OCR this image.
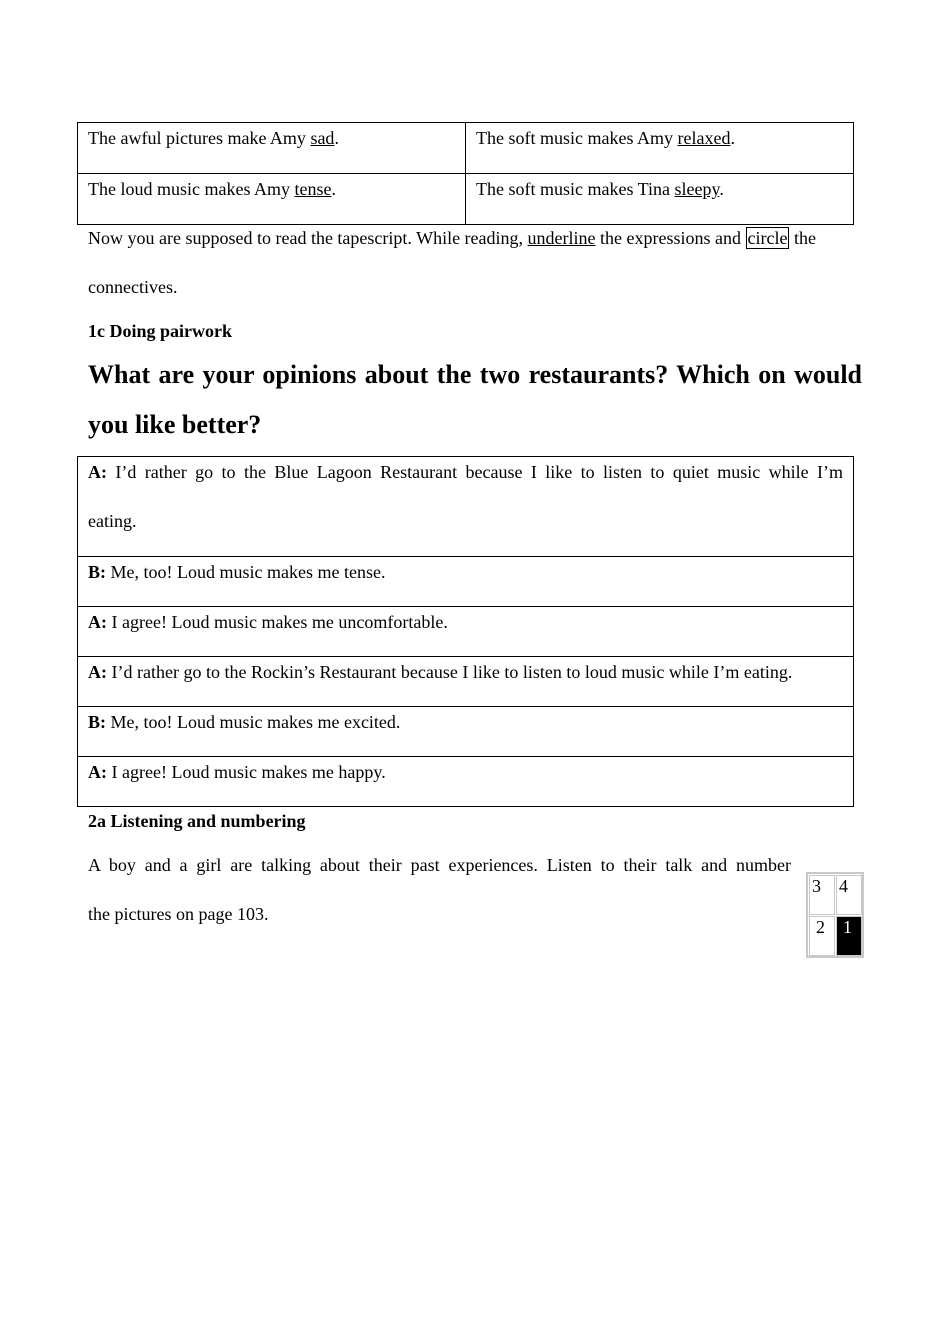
The awful pictures make Amy sad.	The soft music makes Amy relaxed.
The loud music makes Amy tense.	The soft music makes Tina sleepy.
Now you are supposed to read the tapescript. While reading, underline the expressions and circle the
connectives.
1c Doing pairwork
What are your opinions about the two restaurants? Which on would
you like better?
A: I’d rather go to the Blue Lagoon Restaurant because I like to listen to quiet music while I’m
eating.

B: Me, too! Loud music makes me tense.
A: I agree! Loud music makes me uncomfortable.
A: I’d rather go to the Rockin’s Restaurant because I like to listen to loud music while I’m eating.
B: Me, too! Loud music makes me excited.
A: I agree! Loud music makes me happy.
2a Listening and numbering
A boy and a girl are talking about their past experiences. Listen to their talk and number
the pictures on page 103.
3	4
2	1
